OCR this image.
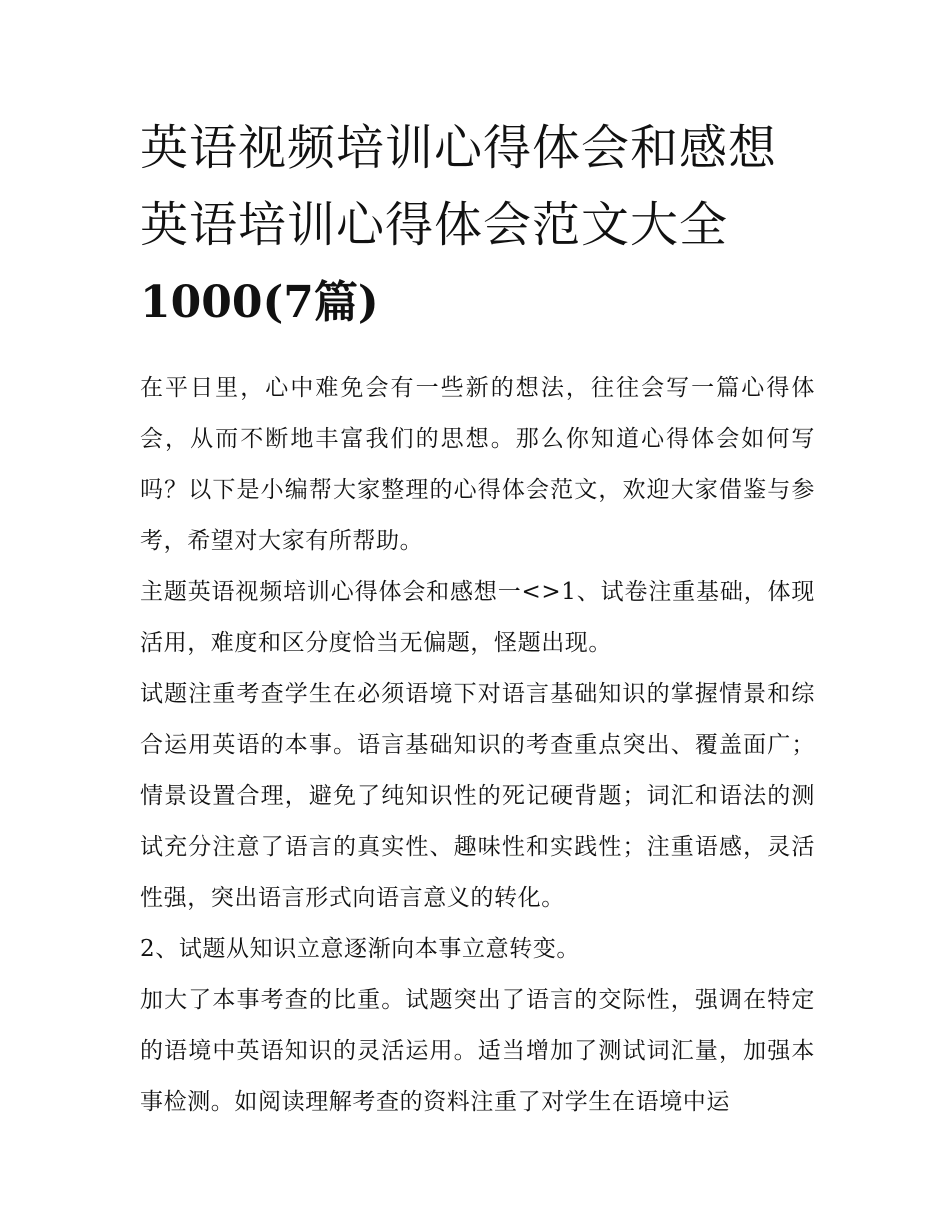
英语视频培训心得体会和感想
英语培训心得体会范文大全
1000(7篇)

在平日里，心中难免会有一些新的想法，往往会写一篇心得体会，从而不断地丰富我们的思想。那么你知道心得体会如何写吗？以下是小编帮大家整理的心得体会范文，欢迎大家借鉴与参考，希望对大家有所帮助。

主题英语视频培训心得体会和感想一<>1、试卷注重基础，体现活用，难度和区分度恰当无偏题，怪题出现。

试题注重考查学生在必须语境下对语言基础知识的掌握情景和综合运用英语的本事。语言基础知识的考查重点突出、覆盖面广；情景设置合理，避免了纯知识性的死记硬背题；词汇和语法的测试充分注意了语言的真实性、趣味性和实践性；注重语感，灵活性强，突出语言形式向语言意义的转化。

2、试题从知识立意逐渐向本事立意转变。

加大了本事考查的比重。试题突出了语言的交际性，强调在特定的语境中英语知识的灵活运用。适当增加了测试词汇量，加强本事检测。如阅读理解考查的资料注重了对学生在语境中运
